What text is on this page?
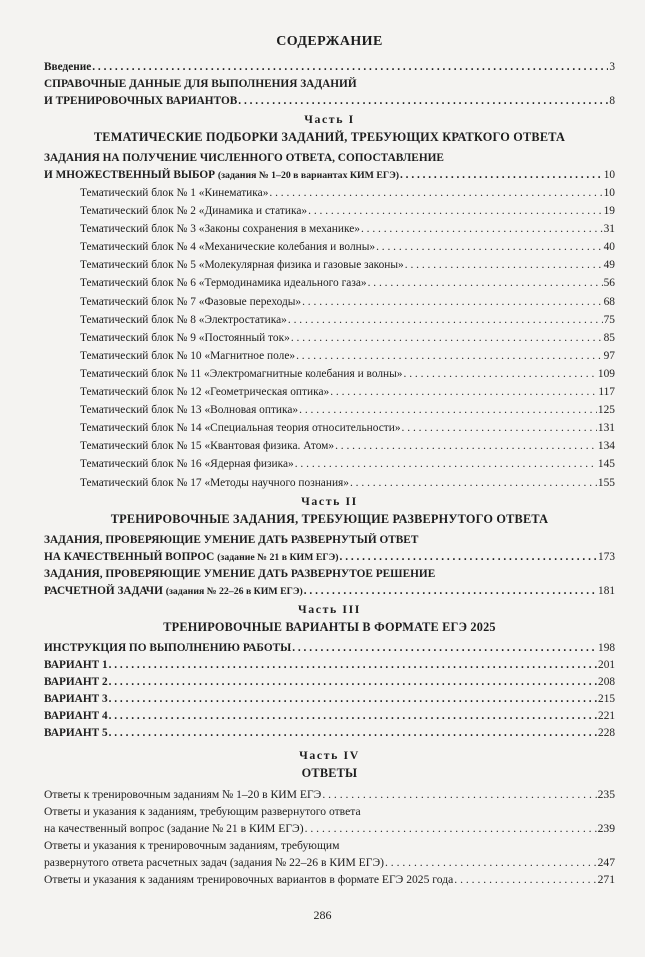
СОДЕРЖАНИЕ
Введение . . .	3
СПРАВОЧНЫЕ ДАННЫЕ ДЛЯ ВЫПОЛНЕНИЯ ЗАДАНИЙ
И ТРЕНИРОВОЧНЫХ ВАРИАНТОВ . . .	8
Часть I
ТЕМАТИЧЕСКИЕ ПОДБОРКИ ЗАДАНИЙ, ТРЕБУЮЩИХ КРАТКОГО ОТВЕТА
ЗАДАНИЯ НА ПОЛУЧЕНИЕ ЧИСЛЕННОГО ОТВЕТА, СОПОСТАВЛЕНИЕ
И МНОЖЕСТВЕННЫЙ ВЫБОР (задания № 1–20 в вариантах КИМ ЕГЭ) . . .	10
Тематический блок № 1 «Кинематика» . . .	10
Тематический блок № 2 «Динамика и статика» . . .	19
Тематический блок № 3 «Законы сохранения в механике» . . .	31
Тематический блок № 4 «Механические колебания и волны» . . .	40
Тематический блок № 5 «Молекулярная физика и газовые законы» . . .	49
Тематический блок № 6 «Термодинамика идеального газа» . . .	56
Тематический блок № 7 «Фазовые переходы» . . .	68
Тематический блок № 8 «Электростатика» . . .	75
Тематический блок № 9 «Постоянный ток» . . .	85
Тематический блок № 10 «Магнитное поле» . . .	97
Тематический блок № 11 «Электромагнитные колебания и волны» . . .	109
Тематический блок № 12 «Геометрическая оптика» . . .	117
Тематический блок № 13 «Волновая оптика» . . .	125
Тематический блок № 14 «Специальная теория относительности» . . .	131
Тематический блок № 15 «Квантовая физика. Атом» . . .	134
Тематический блок № 16 «Ядерная физика» . . .	145
Тематический блок № 17 «Методы научного познания» . . .	155
Часть II
ТРЕНИРОВОЧНЫЕ ЗАДАНИЯ, ТРЕБУЮЩИЕ РАЗВЕРНУТОГО ОТВЕТА
ЗАДАНИЯ, ПРОВЕРЯЮЩИЕ УМЕНИЕ ДАТЬ РАЗВЕРНУТЫЙ ОТВЕТ
НА КАЧЕСТВЕННЫЙ ВОПРОС (задание № 21 в КИМ ЕГЭ) . . .	173
ЗАДАНИЯ, ПРОВЕРЯЮЩИЕ УМЕНИЕ ДАТЬ РАЗВЕРНУТОЕ РЕШЕНИЕ
РАСЧЕТНОЙ ЗАДАЧИ (задания № 22–26 в КИМ ЕГЭ) . . .	181
Часть III
ТРЕНИРОВОЧНЫЕ ВАРИАНТЫ В ФОРМАТЕ ЕГЭ 2025
ИНСТРУКЦИЯ ПО ВЫПОЛНЕНИЮ РАБОТЫ . . .	198
ВАРИАНТ 1 . . .	201
ВАРИАНТ 2 . . .	208
ВАРИАНТ 3 . . .	215
ВАРИАНТ 4 . . .	221
ВАРИАНТ 5 . . .	228
Часть IV
ОТВЕТЫ
Ответы к тренировочным заданиям № 1–20 в КИМ ЕГЭ . . .	235
Ответы и указания к заданиям, требующим развернутого ответа
на качественный вопрос (задание № 21 в КИМ ЕГЭ) . . .	239
Ответы и указания к тренировочным заданиям, требующим
развернутого ответа расчетных задач (задания № 22–26 в КИМ ЕГЭ) . . .	247
Ответы и указания к заданиям тренировочных вариантов в формате ЕГЭ 2025 года . . .	271
286
